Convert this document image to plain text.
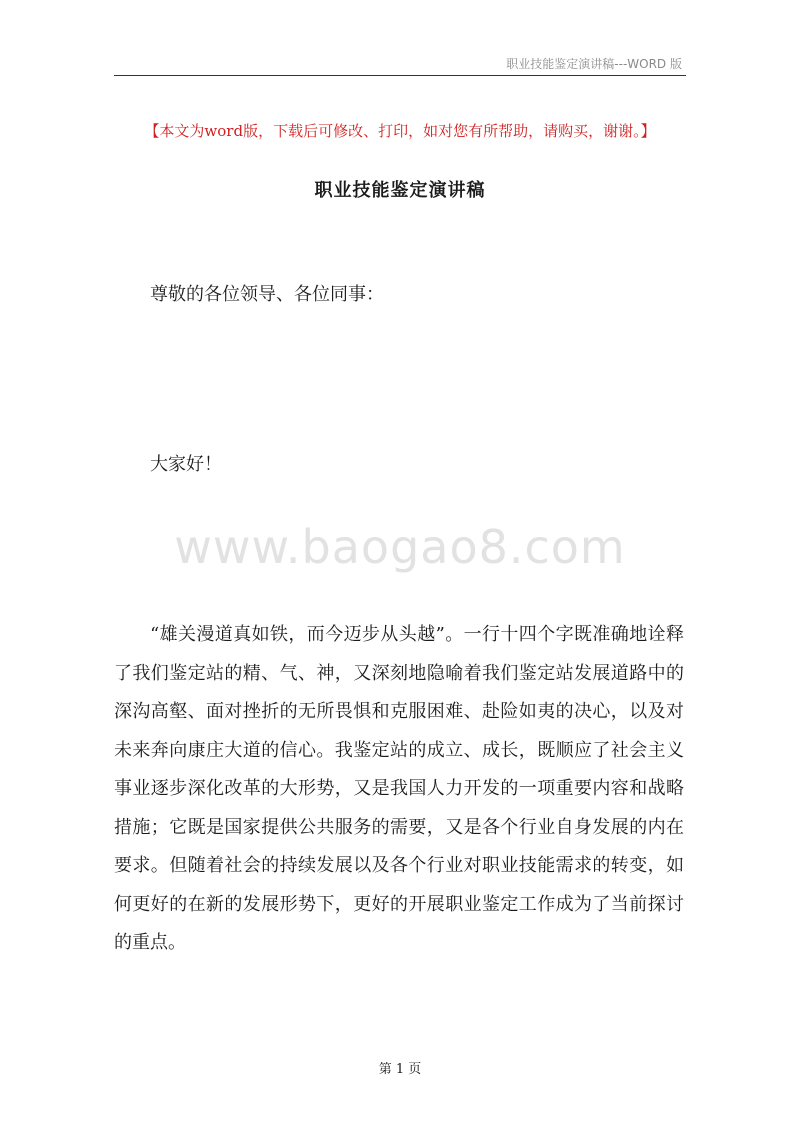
职业技能鉴定演讲稿---WORD 版
【本文为word版，下载后可修改、打印，如对您有所帮助，请购买，谢谢。】
职业技能鉴定演讲稿
尊敬的各位领导、各位同事：
大家好！
www.baogao8.com

“雄关漫道真如铁，而今迈步从头越”。一行十四个字既准确地诠释了我们鉴定站的精、气、神，又深刻地隐喻着我们鉴定站发展道路中的深沟高壑、面对挫折的无所畏惧和克服困难、赴险如夷的决心，以及对未来奔向康庄大道的信心。我鉴定站的成立、成长，既顺应了社会主义事业逐步深化改革的大形势，又是我国人力开发的一项重要内容和战略措施；它既是国家提供公共服务的需要，又是各个行业自身发展的内在要求。但随着社会的持续发展以及各个行业对职业技能需求的转变，如何更好的在新的发展形势下，更好的开展职业鉴定工作成为了当前探讨的重点。

第 1 页
